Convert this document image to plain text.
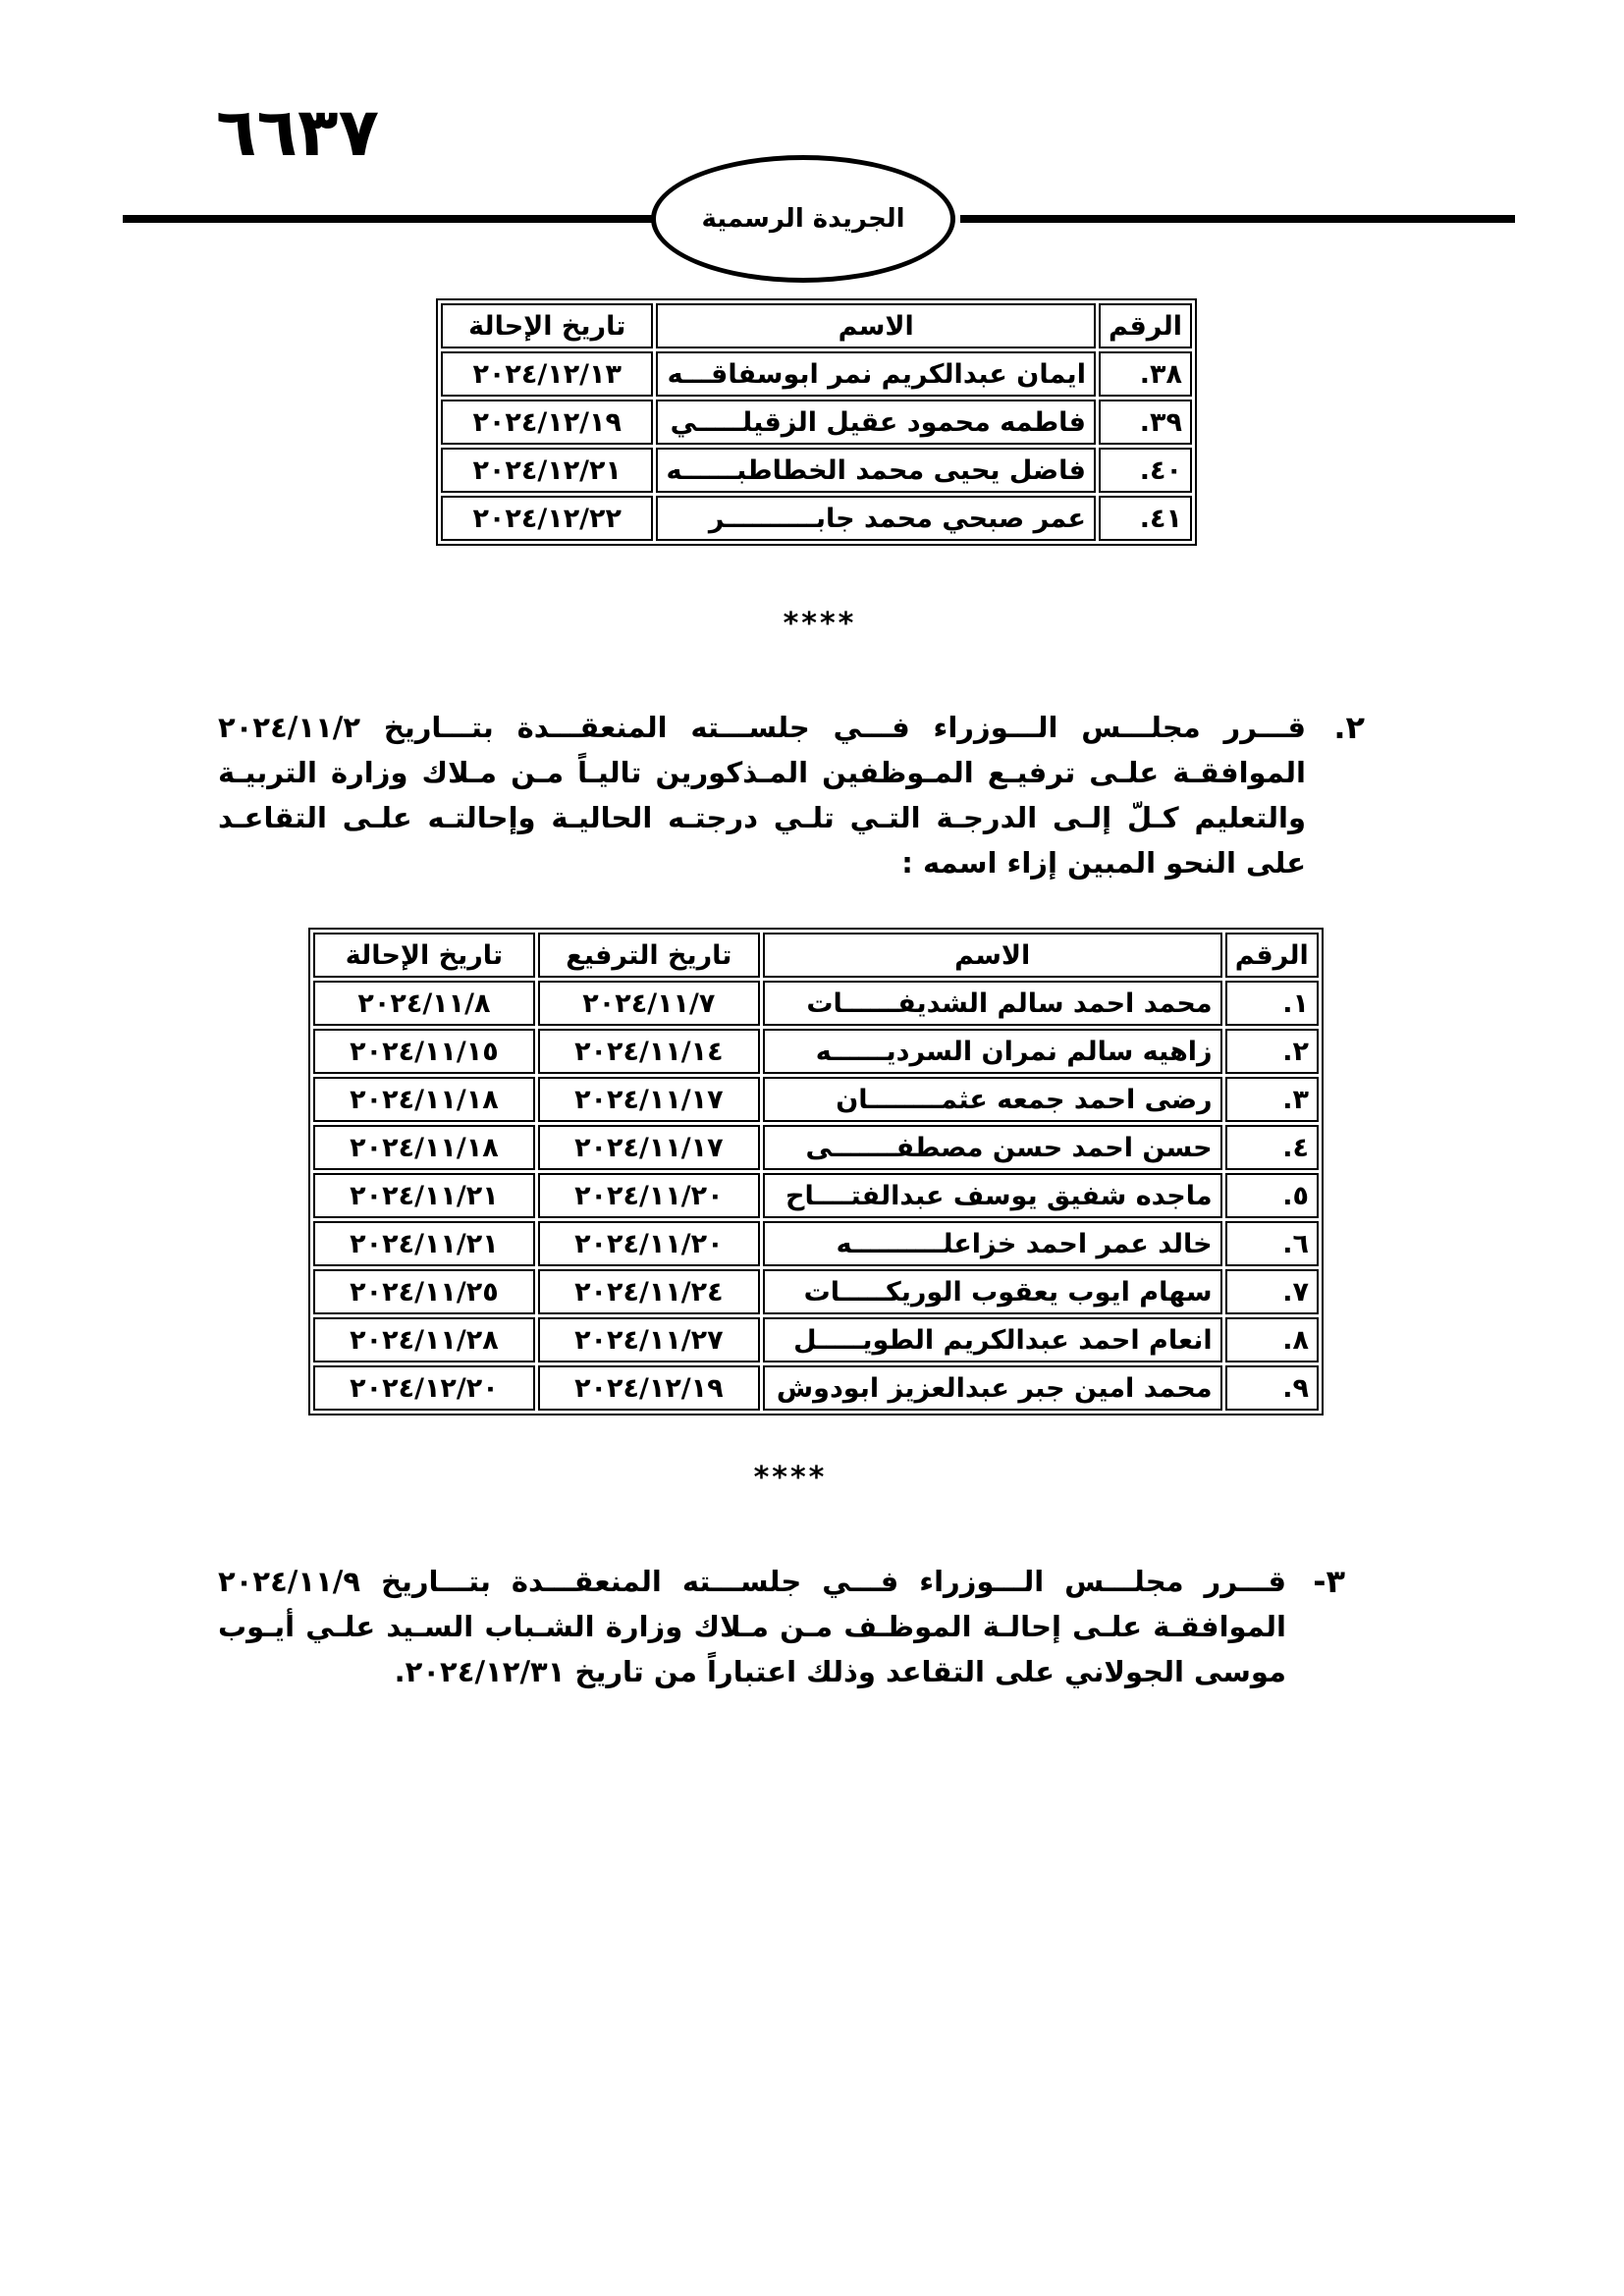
٦٦٣٧
الجريدة الرسمية
الرقم	الاسم	تاريخ الإحالة
٣٨.	ايمان عبدالكريم نمر ابوسفاقـــه	٢٠٢٤/١٢/١٣
٣٩.	فاطمه محمود عقيل الزقيلـــــي	٢٠٢٤/١٢/١٩
٤٠.	فاضل يحيى محمد الخطاطبــــــه	٢٠٢٤/١٢/٢١
٤١.	عمر صبحي محمد جابــــــــــر	٢٠٢٤/١٢/٢٢
****
٢.
قـــرر مجلـــس الـــوزراء فـــي جلســـته المنعقـــدة بتـــاريخ ٢٠٢٤/١١/٢ الموافقـة علـى ترفيـع المـوظفين المـذكورين تاليـاً مـن مـلاك وزارة التربيـة والتعليم كـلّ إلـى الدرجـة التـي تلـي درجتـه الحاليـة وإحالتـه علـى التقاعـد على النحو المبين إزاء اسمه :
الرقم	الاسم	تاريخ الترفيع	تاريخ الإحالة
١.	محمد احمد سالم الشديفــــــات	٢٠٢٤/١١/٧	٢٠٢٤/١١/٨
٢.	زاهيه سالم نمران السرديــــــه	٢٠٢٤/١١/١٤	٢٠٢٤/١١/١٥
٣.	رضى احمد جمعه عثمــــــــان	٢٠٢٤/١١/١٧	٢٠٢٤/١١/١٨
٤.	حسن احمد حسن مصطفـــــــى	٢٠٢٤/١١/١٧	٢٠٢٤/١١/١٨
٥.	ماجده شفيق يوسف عبدالفتــــاح	٢٠٢٤/١١/٢٠	٢٠٢٤/١١/٢١
٦.	خالد عمر احمد خزاعلــــــــــه	٢٠٢٤/١١/٢٠	٢٠٢٤/١١/٢١
٧.	سهام ايوب يعقوب الوريكـــــات	٢٠٢٤/١١/٢٤	٢٠٢٤/١١/٢٥
٨.	انعام احمد عبدالكريم الطويـــــل	٢٠٢٤/١١/٢٧	٢٠٢٤/١١/٢٨
٩.	محمد امين جبر عبدالعزيز ابودوش	٢٠٢٤/١٢/١٩	٢٠٢٤/١٢/٢٠
****
٣-
قـــرر مجلـــس الـــوزراء فـــي جلســـته المنعقـــدة بتـــاريخ ٢٠٢٤/١١/٩ الموافقـة علـى إحالـة الموظـف مـن مـلاك وزارة الشـباب السـيد علـي أيـوب موسى الجولاني على التقاعد وذلك اعتباراً من تاريخ ٢٠٢٤/١٢/٣١.
